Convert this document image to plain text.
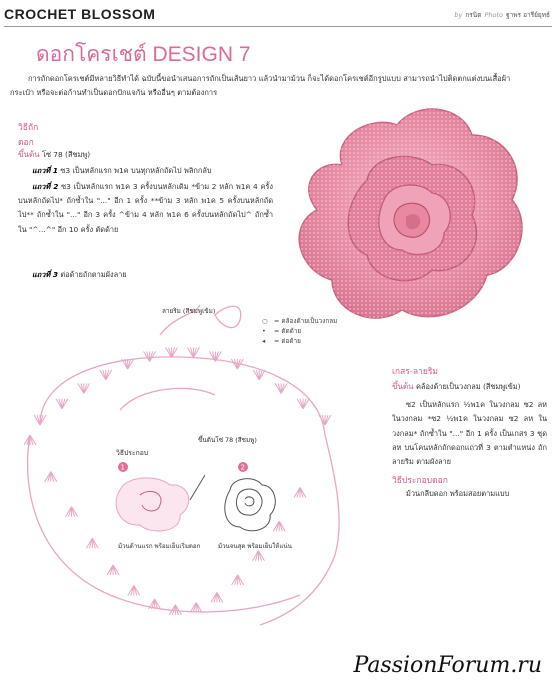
CROCHET BLOSSOM	by กรนิต Photo ฐาพร อารีย์ยุทธ์
ดอกโครเชต์ DESIGN 7
การถักดอกโครเชต์มีหลายวิธีทำได้ ฉบับนี้ขอนำเสนอการถักเป็นเส้นยาว แล้วนำมาม้วน ก็จะได้ดอกโครเชต์อีกรูปแบบ สามารถนำไปติดตกแต่งบนเสื้อผ้า กระเป๋า หรือจะต่อก้านทำเป็นดอกปักแจกัน หรืออื่นๆ ตามต้องการ
วิธีถัก
ดอก
ขึ้นต้น โซ่ 78 (สีชมพู)
แถวที่ 1 ซ3 เป็นหลักแรก พ1ค บนทุกหลักถัดไป พลิกกลับ
แถวที่ 2 ซ3 เป็นหลักแรก พ1ค 3 ครั้งบนหลักเดิม *ข้าม 2 หลัก พ1ค 4 ครั้งบนหลักถัดไป* ถักซ้ำใน "..." อีก 1 ครั้ง **ข้าม 3 หลัก พ1ค 5 ครั้งบนหลักถัดไป** ถักซ้ำใน "..." อีก 3 ครั้ง ^ข้าม 4 หลัก พ1ค 6 ครั้งบนหลักถัดไป^ ถักซ้ำใน "^...^" อีก 10 ครั้ง ตัดด้าย
แถวที่ 3 ต่อด้ายถักตามผังลาย
ลายริม (สีชมพูเข้ม)
○ = คล้องด้ายเป็นวงกลม
• = ตัดด้าย
◂ = ต่อด้าย
ขึ้นต้นโซ่ 78 (สีชมพู)
วิธีประกอบ
1	2
ม้วนด้านแรก พร้อมเย็บเริ่มดอก	ม้วนจนสุด พร้อมเย็บให้แน่น
เกสร-ลายริม
ขึ้นต้น คล้องด้ายเป็นวงกลม (สีชมพูเข้ม)
ซ2 เป็นหลักแรก ½พ1ค ในวงกลม ซ2 ลห ในวงกลม *ซ2 ½พ1ค ในวงกลม ซ2 ลห ในวงกลม* ถักซ้ำใน "..." อีก 1 ครั้ง เป็นเกสร 3 ชุด ลห บนโคนหลักถักดอกแถวที่ 3 ตามตำแหน่ง ถักลายริม ตามผังลาย
วิธีประกอบดอก
ม้วนกลีบดอก พร้อมสอยตามแบบ
PassionForum.ru
